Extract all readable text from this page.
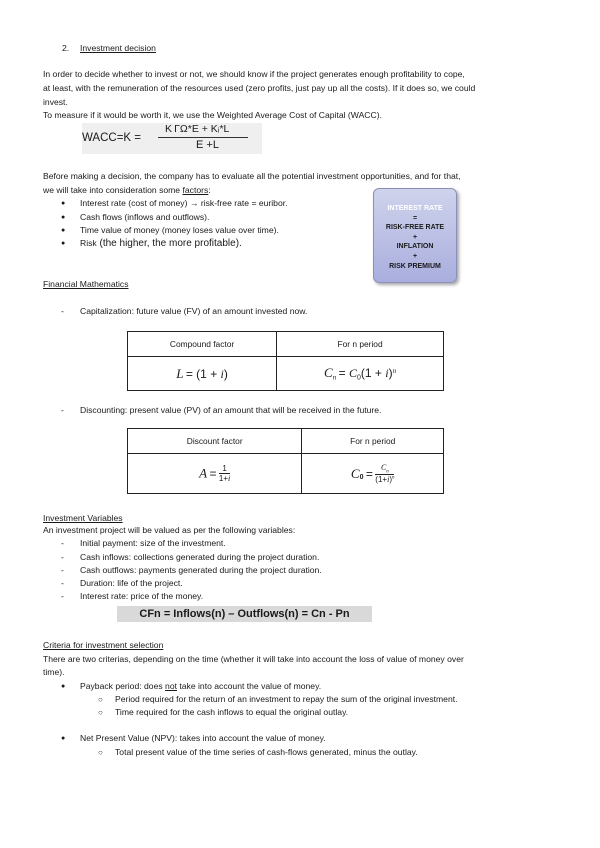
2. Investment decision
In order to decide whether to invest or not, we should know if the project generates enough profitability to cope,
at least, with the remuneration of the resources used (zero profits, just pay up all the costs). If it does so, we could
invest.
To measure if it would be worth it, we use the Weighted Average Cost of Capital (WACC).
WACC=K =
K ΓΩ*E + Kᵢ*L
E +L
Before making a decision, the company has to evaluate all the potential investment opportunities, and for that,
we will take into consideration some factors:
● Interest rate (cost of money) → risk-free rate = euribor.
● Cash flows (inflows and outflows).
● Time value of money (money loses value over time).
● Risk (the higher, the more profitable).
INTEREST RATE
=
RISK-FREE RATE
+
INFLATION
+
RISK PREMIUM
Financial Mathematics
- Capitalization: future value (FV) of an amount invested now.
Compound factor	For n period
L = (1 + i)	$C_n = C_0(1 + i)^n$
- Discounting: present value (PV) of an amount that will be received in the future.
Discount factor	For n period
$A = \frac{1}{1+i}$	$C_0 = \frac{C_n}{(1+i)^n}$
Investment Variables
An investment project will be valued as per the following variables:
- Initial payment: size of the investment.
- Cash inflows: collections generated during the project duration.
- Cash outflows: payments generated during the project duration.
- Duration: life of the project.
- Interest rate: price of the money.
CFn = Inflows(n) – Outflows(n) = Cn - Pn
Criteria for investment selection
There are two criterias, depending on the time (whether it will take into account the loss of value of money over
time).
● Payback period: does not take into account the value of money.
○ Period required for the return of an investment to repay the sum of the original investment.
○ Time required for the cash inflows to equal the original outlay.
● Net Present Value (NPV): takes into account the value of money.
○ Total present value of the time series of cash-flows generated, minus the outlay.
